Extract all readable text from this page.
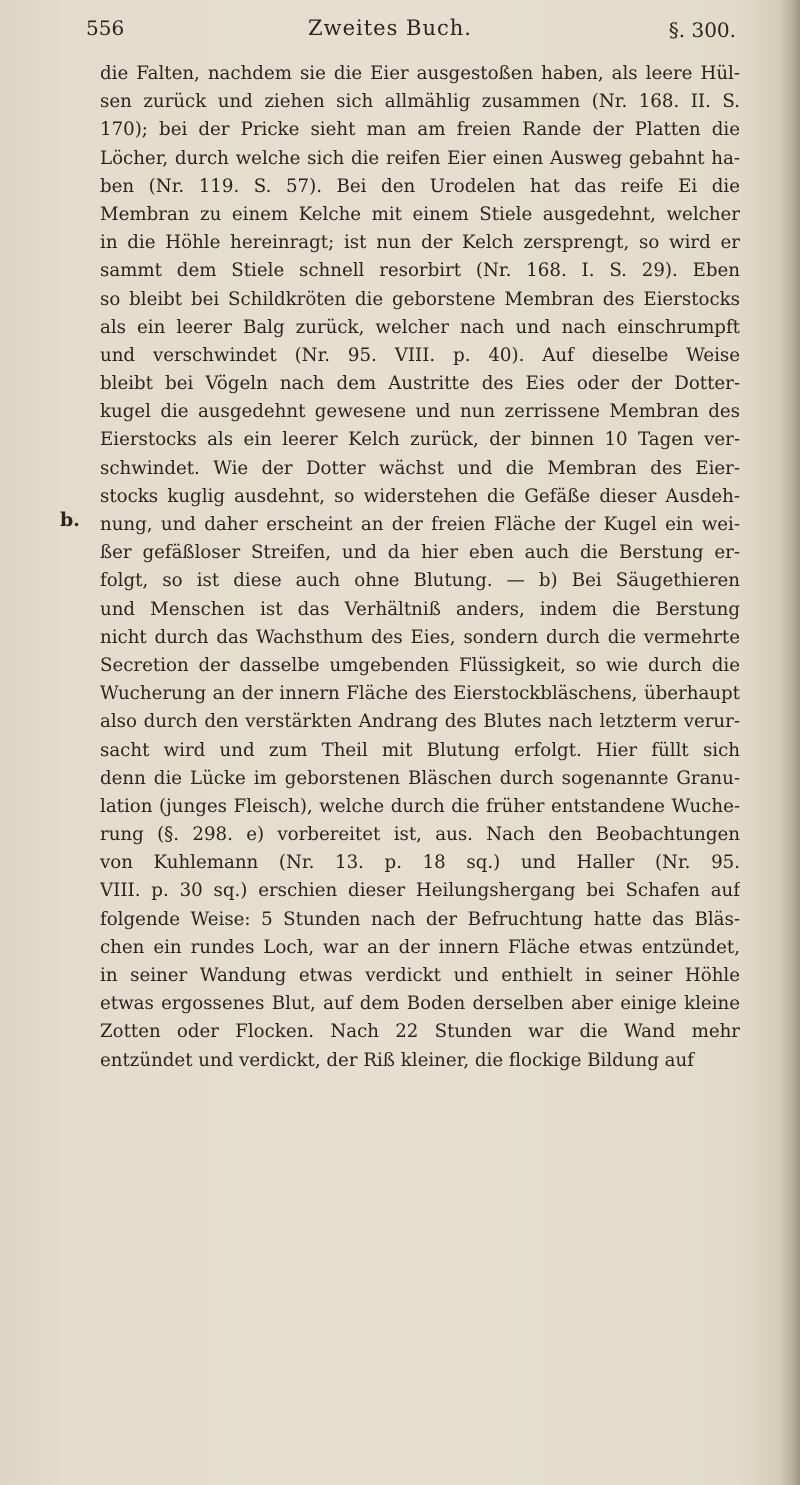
556	Zweites Buch.	§. 300.
b.
die Falten, nachdem sie die Eier ausgestoßen haben, als leere Hül-
sen zurück und ziehen sich allmählig zusammen (Nr. 168. II. S.
170); bei der Pricke sieht man am freien Rande der Platten die
Löcher, durch welche sich die reifen Eier einen Ausweg gebahnt ha-
ben (Nr. 119. S. 57). Bei den Urodelen hat das reife Ei die
Membran zu einem Kelche mit einem Stiele ausgedehnt, welcher
in die Höhle hereinragt; ist nun der Kelch zersprengt, so wird er
sammt dem Stiele schnell resorbirt (Nr. 168. I. S. 29). Eben
so bleibt bei Schildkröten die geborstene Membran des Eierstocks
als ein leerer Balg zurück, welcher nach und nach einschrumpft
und verschwindet (Nr. 95. VIII. p. 40). Auf dieselbe Weise
bleibt bei Vögeln nach dem Austritte des Eies oder der Dotter-
kugel die ausgedehnt gewesene und nun zerrissene Membran des
Eierstocks als ein leerer Kelch zurück, der binnen 10 Tagen ver-
schwindet. Wie der Dotter wächst und die Membran des Eier-
stocks kuglig ausdehnt, so widerstehen die Gefäße dieser Ausdeh-
nung, und daher erscheint an der freien Fläche der Kugel ein wei-
ßer gefäßloser Streifen, und da hier eben auch die Berstung er-
folgt, so ist diese auch ohne Blutung. — b) Bei Säugethieren
und Menschen ist das Verhältniß anders, indem die Berstung
nicht durch das Wachsthum des Eies, sondern durch die vermehrte
Secretion der dasselbe umgebenden Flüssigkeit, so wie durch die
Wucherung an der innern Fläche des Eierstockbläschens, überhaupt
also durch den verstärkten Andrang des Blutes nach letzterm verur-
sacht wird und zum Theil mit Blutung erfolgt. Hier füllt sich
denn die Lücke im geborstenen Bläschen durch sogenannte Granu-
lation (junges Fleisch), welche durch die früher entstandene Wuche-
rung (§. 298. e) vorbereitet ist, aus. Nach den Beobachtungen
von Kuhlemann (Nr. 13. p. 18 sq.) und Haller (Nr. 95.
VIII. p. 30 sq.) erschien dieser Heilungshergang bei Schafen auf
folgende Weise: 5 Stunden nach der Befruchtung hatte das Bläs-
chen ein rundes Loch, war an der innern Fläche etwas entzündet,
in seiner Wandung etwas verdickt und enthielt in seiner Höhle
etwas ergossenes Blut, auf dem Boden derselben aber einige kleine
Zotten oder Flocken. Nach 22 Stunden war die Wand mehr
entzündet und verdickt, der Riß kleiner, die flockige Bildung auf
